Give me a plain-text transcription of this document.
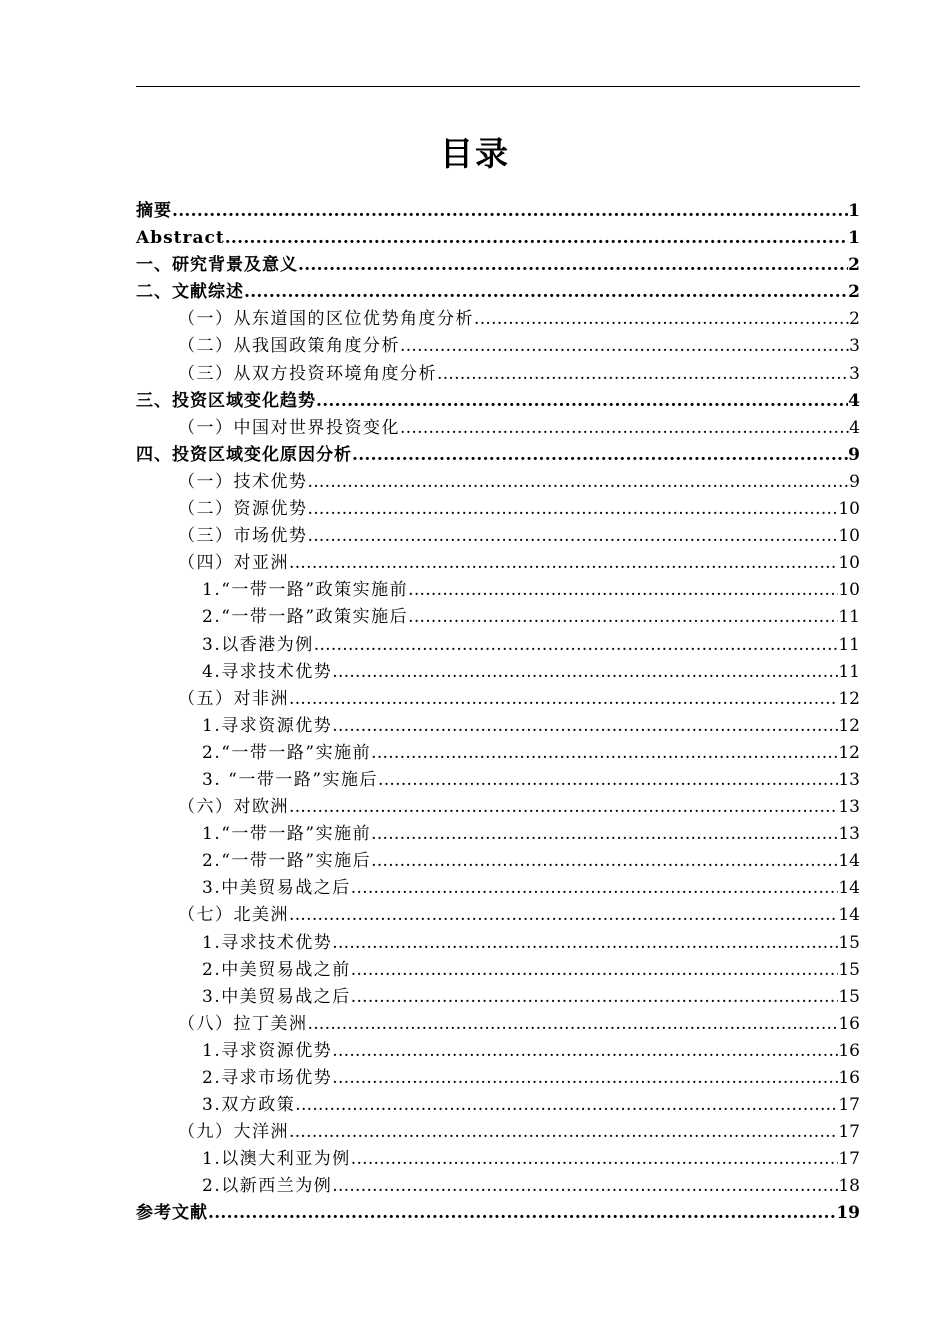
目录
摘要 .....	1
Abstract .....	1
一、研究背景及意义 .....	2
二、文献综述 .....	2
（一）从东道国的区位优势角度分析 .....	2
（二）从我国政策角度分析 .....	3
（三）从双方投资环境角度分析 .....	3
三、投资区域变化趋势 .....	4
（一）中国对世界投资变化 .....	4
四、投资区域变化原因分析 .....	9
（一）技术优势 .....	9
（二）资源优势 .....	10
（三）市场优势 .....	10
（四）对亚洲 .....	10
1.“一带一路”政策实施前 .....	10
2.“一带一路”政策实施后 .....	11
3.以香港为例 .....	11
4.寻求技术优势 .....	11
（五）对非洲 .....	12
1.寻求资源优势 .....	12
2.“一带一路”实施前 .....	12
3. “一带一路”实施后 .....	13
（六）对欧洲 .....	13
1.“一带一路”实施前 .....	13
2.“一带一路”实施后 .....	14
3.中美贸易战之后 .....	14
（七）北美洲 .....	14
1.寻求技术优势 .....	15
2.中美贸易战之前 .....	15
3.中美贸易战之后 .....	15
（八）拉丁美洲 .....	16
1.寻求资源优势 .....	16
2.寻求市场优势 .....	16
3.双方政策 .....	17
（九）大洋洲 .....	17
1.以澳大利亚为例 .....	17
2.以新西兰为例 .....	18
参考文献 .....	19
